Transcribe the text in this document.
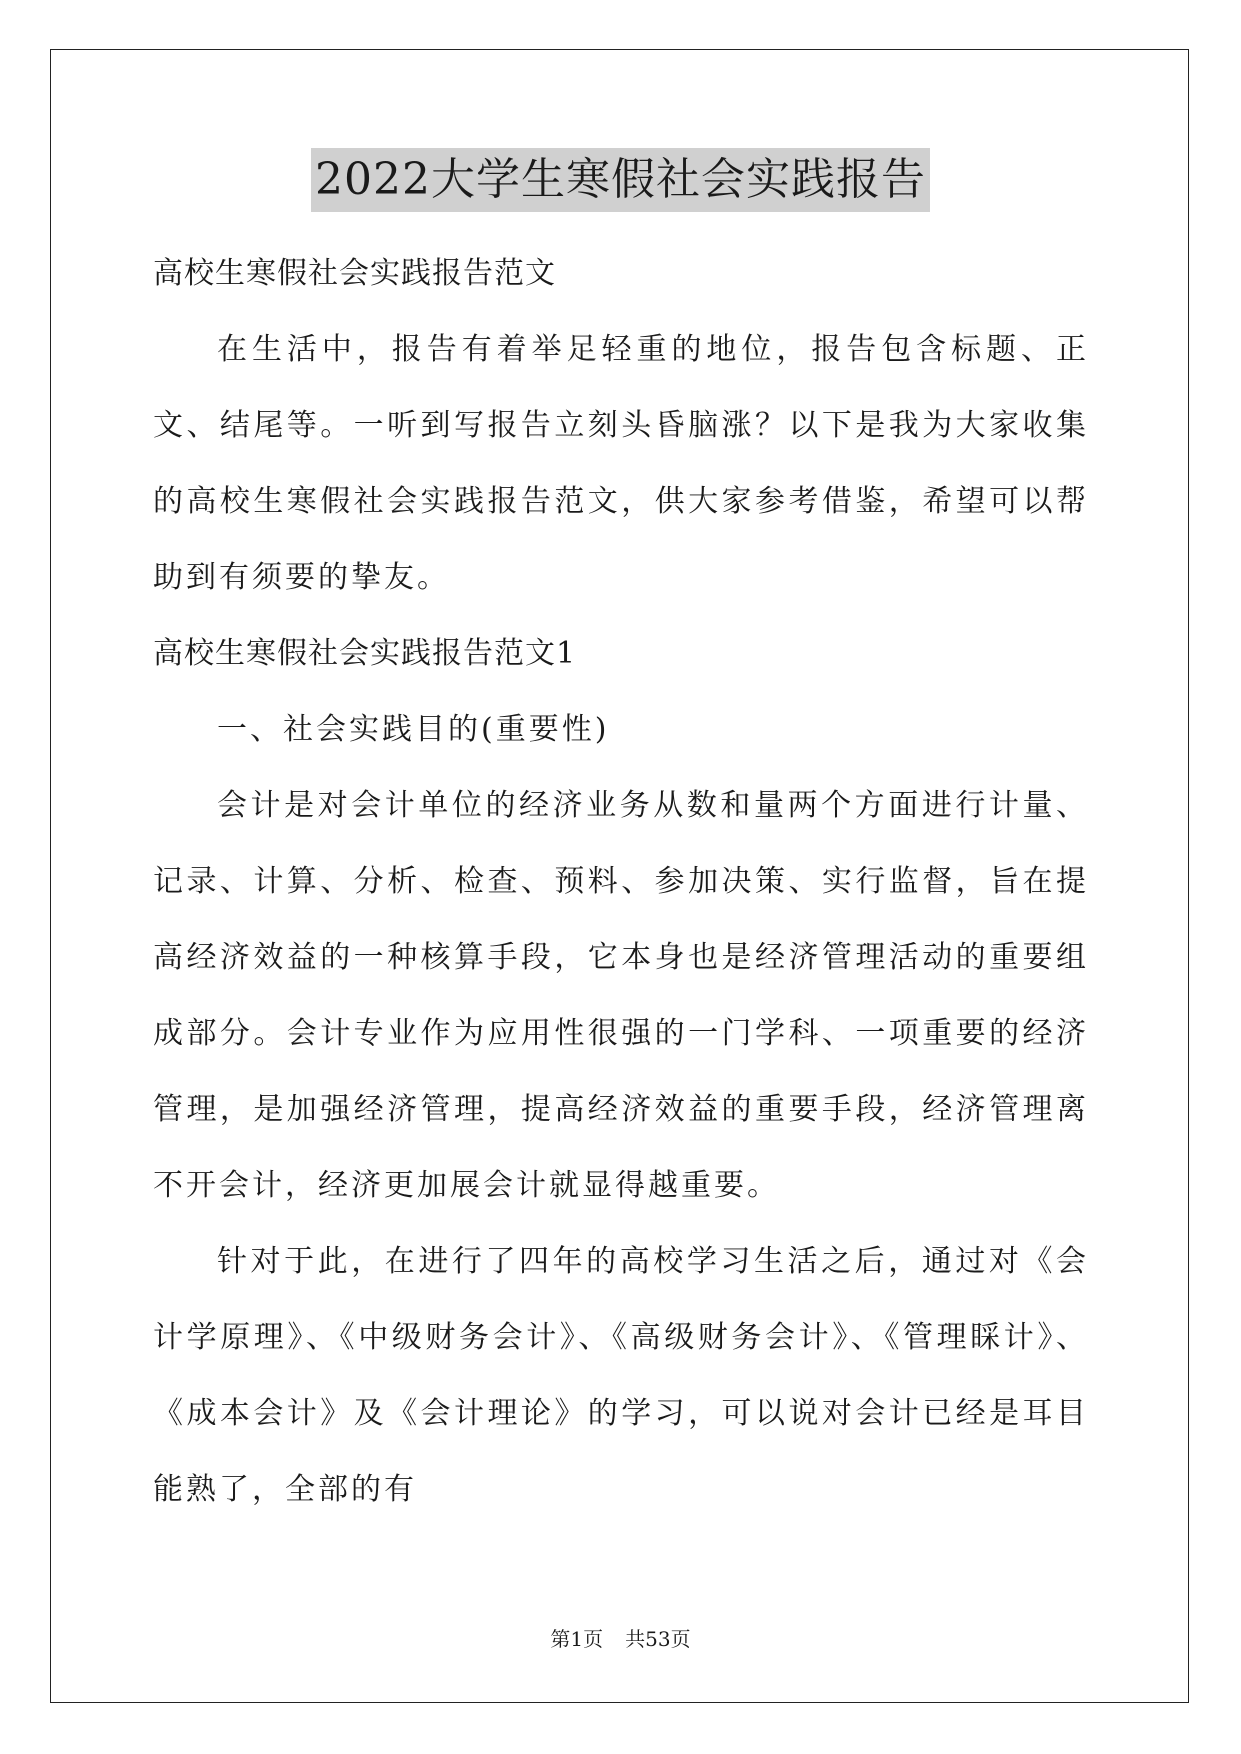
2022大学生寒假社会实践报告

高校生寒假社会实践报告范文

在生活中，报告有着举足轻重的地位，报告包含标题、正文、结尾等。一听到写报告立刻头昏脑涨？以下是我为大家收集的高校生寒假社会实践报告范文，供大家参考借鉴，希望可以帮助到有须要的挚友。

高校生寒假社会实践报告范文1

一、社会实践目的(重要性)

会计是对会计单位的经济业务从数和量两个方面进行计量、记录、计算、分析、检查、预料、参加决策、实行监督，旨在提高经济效益的一种核算手段，它本身也是经济管理活动的重要组成部分。会计专业作为应用性很强的一门学科、一项重要的经济管理，是加强经济管理，提高经济效益的重要手段，经济管理离不开会计，经济更加展会计就显得越重要。

针对于此，在进行了四年的高校学习生活之后，通过对《会计学原理》、《中级财务会计》、《高级财务会计》、《管理睬计》、《成本会计》及《会计理论》的学习，可以说对会计已经是耳目能熟了，全部的有

第1页 共53页
